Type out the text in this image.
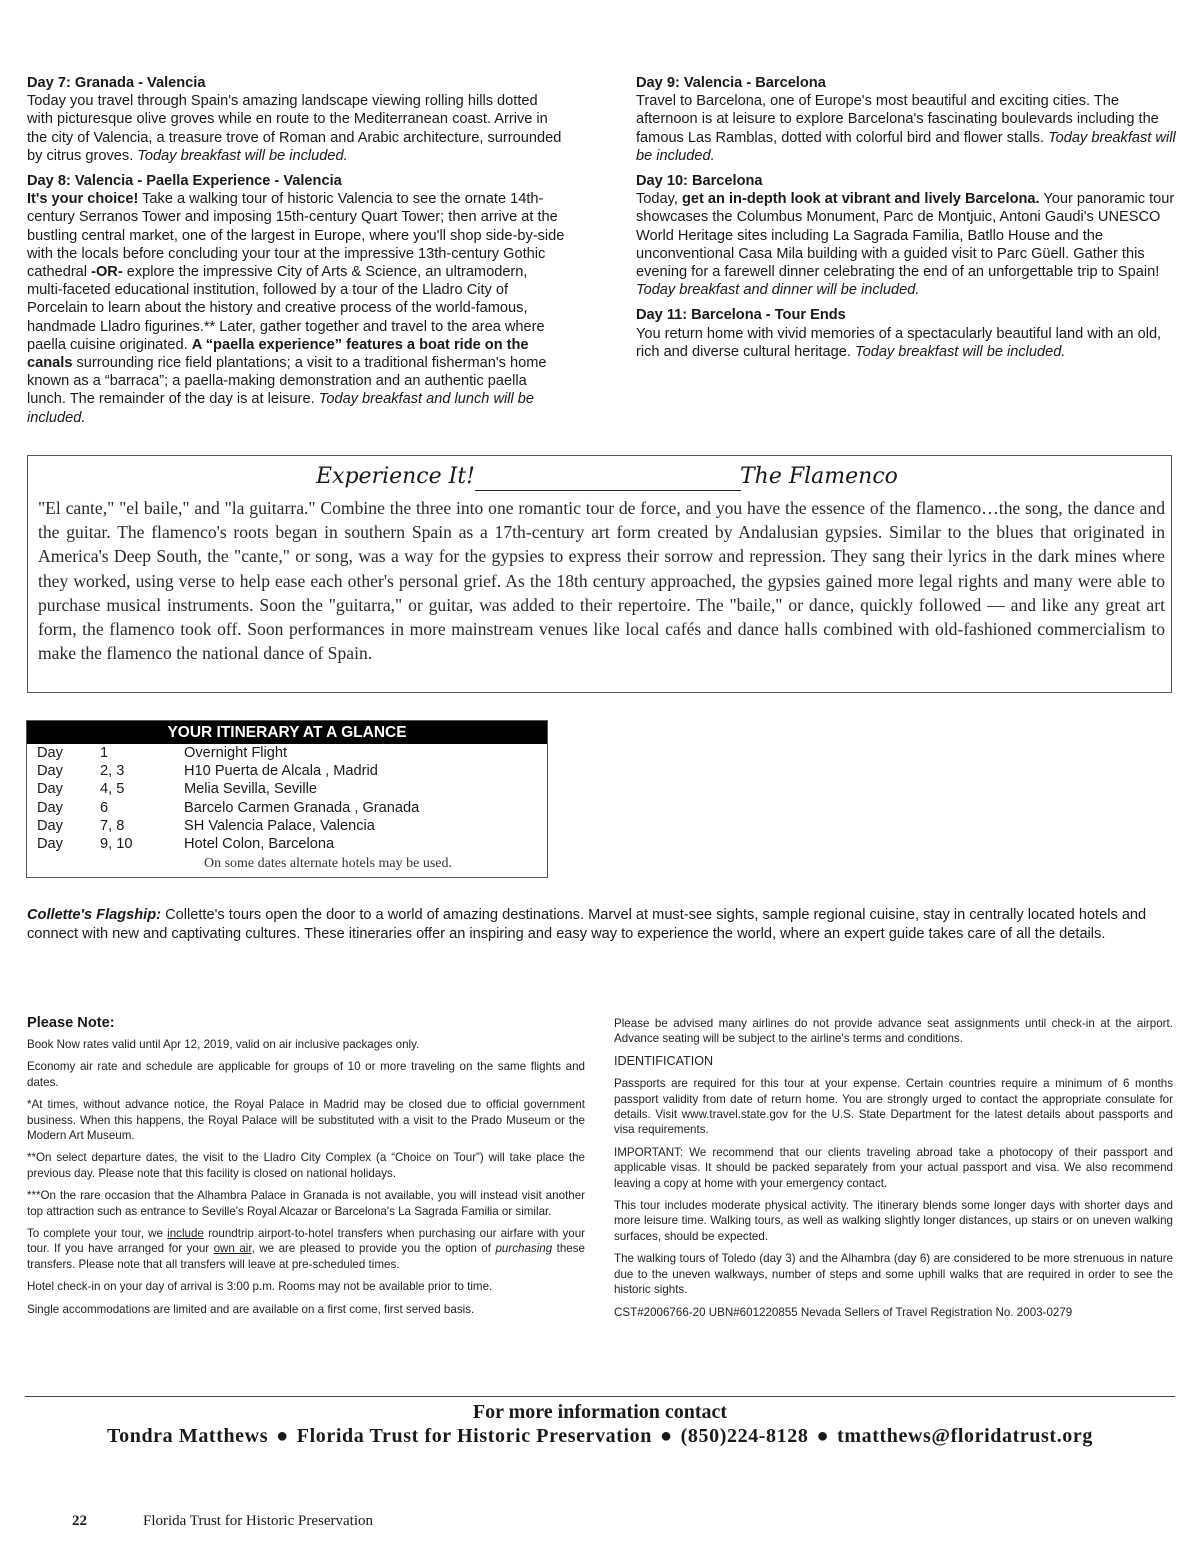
Day 7: Granada - Valencia

Today you travel through Spain's amazing landscape viewing rolling hills dotted with picturesque olive groves while en route to the Mediterranean coast. Arrive in the city of Valencia, a treasure trove of Roman and Arabic architecture, surrounded by citrus groves. Today breakfast will be included.

Day 8: Valencia - Paella Experience - Valencia

It's your choice! Take a walking tour of historic Valencia to see the ornate 14th-century Serranos Tower and imposing 15th-century Quart Tower; then arrive at the bustling central market, one of the largest in Europe, where you'll shop side-by-side with the locals before concluding your tour at the impressive 13th-century Gothic cathedral -OR- explore the impressive City of Arts & Science, an ultramodern, multi-faceted educational institution, followed by a tour of the Lladro City of Porcelain to learn about the history and creative process of the world-famous, handmade Lladro figurines.** Later, gather together and travel to the area where paella cuisine originated. A “paella experience” features a boat ride on the canals surrounding rice field plantations; a visit to a traditional fisherman's home known as a “barraca”; a paella-making demonstration and an authentic paella lunch. The remainder of the day is at leisure. Today breakfast and lunch will be included.

Day 9: Valencia - Barcelona

Travel to Barcelona, one of Europe's most beautiful and exciting cities. The afternoon is at leisure to explore Barcelona's fascinating boulevards including the famous Las Ramblas, dotted with colorful bird and flower stalls. Today breakfast will be included.

Day 10: Barcelona

Today, get an in-depth look at vibrant and lively Barcelona. Your panoramic tour showcases the Columbus Monument, Parc de Montjuic, Antoni Gaudi's UNESCO World Heritage sites including La Sagrada Familia, Batllo House and the unconventional Casa Mila building with a guided visit to Parc Güell. Gather this evening for a farewell dinner celebrating the end of an unforgettable trip to Spain! Today breakfast and dinner will be included.

Day 11: Barcelona - Tour Ends

You return home with vivid memories of a spectacularly beautiful land with an old, rich and diverse cultural heritage. Today breakfast will be included.

Experience It!	The Flamenco
"El cante," "el baile," and "la guitarra." Combine the three into one romantic tour de force, and you have the essence of the flamenco…the song, the dance and the guitar. The flamenco's roots began in southern Spain as a 17th-century art form created by Andalusian gypsies. Similar to the blues that originated in America's Deep South, the "cante," or song, was a way for the gypsies to express their sorrow and repression. They sang their lyrics in the dark mines where they worked, using verse to help ease each other's personal grief. As the 18th century approached, the gypsies gained more legal rights and many were able to purchase musical instruments. Soon the "guitarra," or guitar, was added to their repertoire. The "baile," or dance, quickly followed — and like any great art form, the flamenco took off. Soon performances in more mainstream venues like local cafés and dance halls combined with old-fashioned commercialism to make the flamenco the national dance of Spain.
YOUR ITINERARY AT A GLANCE
Day	1	Overnight Flight
Day	2, 3	H10 Puerta de Alcala , Madrid
Day	4, 5	Melia Sevilla, Seville
Day	6	Barcelo Carmen Granada , Granada
Day	7, 8	SH Valencia Palace, Valencia
Day	9, 10	Hotel Colon, Barcelona
On some dates alternate hotels may be used.
Collette's Flagship: Collette's tours open the door to a world of amazing destinations. Marvel at must-see sights, sample regional cuisine, stay in centrally located hotels and connect with new and captivating cultures. These itineraries offer an inspiring and easy way to experience the world, where an expert guide takes care of all the details.
Please Note:

Book Now rates valid until Apr 12, 2019, valid on air inclusive packages only.

Economy air rate and schedule are applicable for groups of 10 or more traveling on the same flights and dates.

*At times, without advance notice, the Royal Palace in Madrid may be closed due to official government business. When this happens, the Royal Palace will be substituted with a visit to the Prado Museum or the Modern Art Museum.

**On select departure dates, the visit to the Lladro City Complex (a “Choice on Tour”) will take place the previous day. Please note that this facility is closed on national holidays.

***On the rare occasion that the Alhambra Palace in Granada is not available, you will instead visit another top attraction such as entrance to Seville's Royal Alcazar or Barcelona's La Sagrada Familia or similar.

To complete your tour, we include roundtrip airport-to-hotel transfers when purchasing our airfare with your tour. If you have arranged for your own air, we are pleased to provide you the option of purchasing these transfers. Please note that all transfers will leave at pre-scheduled times.

Hotel check-in on your day of arrival is 3:00 p.m. Rooms may not be available prior to time.

Single accommodations are limited and are available on a first come, first served basis.

Please be advised many airlines do not provide advance seat assignments until check-in at the airport. Advance seating will be subject to the airline's terms and conditions.

IDENTIFICATION

Passports are required for this tour at your expense. Certain countries require a minimum of 6 months passport validity from date of return home. You are strongly urged to contact the appropriate consulate for details. Visit www.travel.state.gov for the U.S. State Department for the latest details about passports and visa requirements.

IMPORTANT: We recommend that our clients traveling abroad take a photocopy of their passport and applicable visas. It should be packed separately from your actual passport and visa. We also recommend leaving a copy at home with your emergency contact.

This tour includes moderate physical activity. The itinerary blends some longer days with shorter days and more leisure time. Walking tours, as well as walking slightly longer distances, up stairs or on uneven walking surfaces, should be expected.

The walking tours of Toledo (day 3) and the Alhambra (day 6) are considered to be more strenuous in nature due to the uneven walkways, number of steps and some uphill walks that are required in order to see the historic sights.

CST#2006766-20 UBN#601220855 Nevada Sellers of Travel Registration No. 2003-0279

For more information contact
Tondra Matthews ● Florida Trust for Historic Preservation ● (850)224-8128 ● tmatthews@floridatrust.org
22	Florida Trust for Historic Preservation
